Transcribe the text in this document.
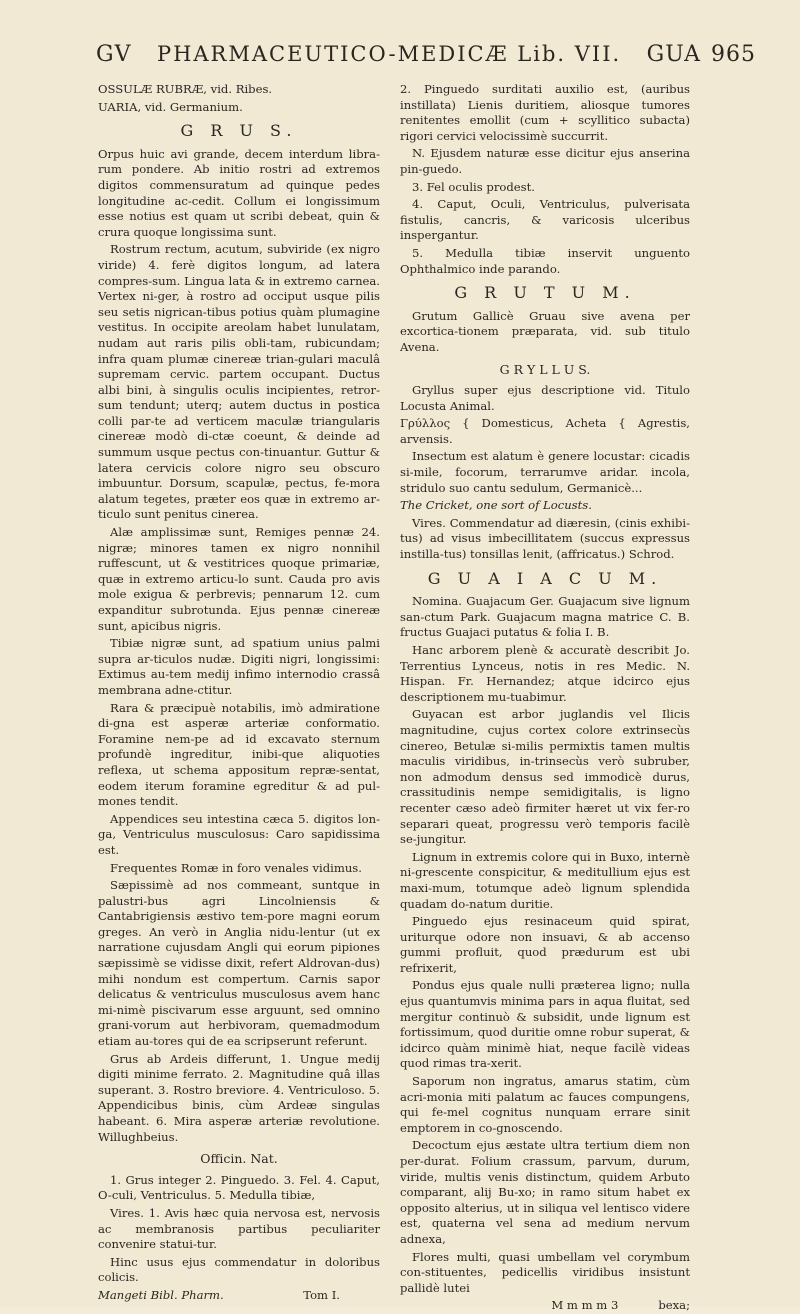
GV	PHARMACEUTICO-MEDICÆ Lib. VII.	GUA 965

OSSULÆ RUBRÆ, vid. Ribes.

UARIA, vid. Germanium.

G R U S.

Orpus huic avi grande, decem interdum libra-rum pondere. Ab initio rostri ad extremos digitos commensuratum ad quinque pedes longitudine ac-cedit. Collum ei longissimum esse notius est quam ut scribi debeat, quin & crura quoque longissima sunt.

Rostrum rectum, acutum, subviride (ex nigro viride) 4. ferè digitos longum, ad latera compres-sum. Lingua lata & in extremo carnea. Vertex ni-ger, à rostro ad occiput usque pilis seu setis nigrican-tibus potius quàm plumagine vestitus. In occipite areolam habet lunulatam, nudam aut raris pilis obli-tam, rubicundam; infra quam plumæ cinereæ trian-gulari maculâ supremam cervic. partem occupant. Ductus albi bini, à singulis oculis incipientes, retror-sum tendunt; uterq; autem ductus in postica colli par-te ad verticem maculæ triangularis cinereæ modò di-ctæ coeunt, & deinde ad summum usque pectus con-tinuantur. Guttur & latera cervicis colore nigro seu obscuro imbuuntur. Dorsum, scapulæ, pectus, fe-mora alatum tegetes, præter eos quæ in extremo ar-ticulo sunt penitus cinerea.

Alæ amplissimæ sunt, Remiges pennæ 24. nigræ; minores tamen ex nigro nonnihil ruffescunt, ut & vestitrices quoque primariæ, quæ in extremo articu-lo sunt. Cauda pro avis mole exigua & perbrevis; pennarum 12. cum expanditur subrotunda. Ejus pennæ cinereæ sunt, apicibus nigris.

Tibiæ nigræ sunt, ad spatium unius palmi supra ar-ticulos nudæ. Digiti nigri, longissimi: Extimus au-tem medij infimo internodio crassâ membrana adne-ctitur.

Rara & præcipuè notabilis, imò admiratione di-gna est asperæ arteriæ conformatio. Foramine nem-pe ad id excavato sternum profundè ingreditur, inibi-que aliquoties reflexa, ut schema appositum repræ-sentat, eodem iterum foramine egreditur & ad pul-mones tendit.

Appendices seu intestina cæca 5. digitos lon-ga, Ventriculus musculosus: Caro sapidissima est.

Frequentes Romæ in foro venales vidimus.

Sæpissimè ad nos commeant, suntque in palustri-bus agri Lincolniensis & Cantabrigiensis æstivo tem-pore magni eorum greges. An verò in Anglia nidu-lentur (ut ex narratione cujusdam Angli qui eorum pipiones sæpissimè se vidisse dixit, refert Aldrovan-dus) mihi nondum est compertum. Carnis sapor delicatus & ventriculus musculosus avem hanc mi-nimè piscivarum esse arguunt, sed omnino grani-vorum aut herbivoram, quemadmodum etiam au-tores qui de ea scripserunt referunt.

Grus ab Ardeis differunt, 1. Ungue medij digiti minime ferrato. 2. Magnitudine quâ illas superant. 3. Rostro breviore. 4. Ventriculoso. 5. Appendicibus binis, cùm Ardeæ singulas habeant. 6. Mira asperæ arteriæ revolutione. Willughbeius.

Officin. Nat.

1. Grus integer 2. Pinguedo. 3. Fel. 4. Caput, O-culi, Ventriculus. 5. Medulla tibiæ,

Vires. 1. Avis hæc quia nervosa est, nervosis ac membranosis partibus peculiariter convenire statui-tur.

Hinc usus ejus commendatur in doloribus colicis.

Mangeti Bibl. Pharm.	Tom I.

2. Pinguedo surditati auxilio est, (auribus instillata) Lienis duritiem, aliosque tumores renitentes emollit (cum + scyllitico subacta) rigori cervici velocissimè succurrit.

N. Ejusdem naturæ esse dicitur ejus anserina pin-guedo.

3. Fel oculis prodest.

4. Caput, Oculi, Ventriculus, pulverisata fistulis, cancris, & varicosis ulceribus inspergantur.

5. Medulla tibiæ inservit unguento Ophthalmico inde parando.

G R U T U M.

Grutum Gallicè Gruau sive avena per excortica-tionem præparata, vid. sub titulo Avena.

G R Y L L U S.

Gryllus super ejus descriptione vid. Titulo Locusta Animal.

Γρύλλος { Domesticus, Acheta { Agrestis, arvensis.

Insectum est alatum è genere locustar: cicadis si-mile, focorum, terrarumve aridar. incola, stridulo suo cantu sedulum, Germanicè...

The Cricket, one sort of Locusts.

Vires. Commendatur ad diæresin, (cinis exhibi-tus) ad visus imbecillitatem (succus expressus instilla-tus) tonsillas lenit, (affricatus.) Schrod.

G U A I A C U M.

Nomina. Guajacum Ger. Guajacum sive lignum san-ctum Park. Guajacum magna matrice C. B. fructus Guajaci putatus & folia I. B.

Hanc arborem plenè & accuratè describit Jo. Terrentius Lynceus, notis in res Medic. N. Hispan. Fr. Hernandez; atque idcirco ejus descriptionem mu-tuabimur.

Guyacan est arbor juglandis vel Ilicis magnitudine, cujus cortex colore extrinsecùs cinereo, Betulæ si-milis permixtis tamen multis maculis viridibus, in-trinsecùs verò subruber, non admodum densus sed immodicè durus, crassitudinis nempe semidigitalis, is ligno recenter cæso adeò firmiter hæret ut vix fer-ro separari queat, progressu verò temporis facilè se-jungitur.

Lignum in extremis colore qui in Buxo, internè ni-grescente conspicitur, & meditullium ejus est maxi-mum, totumque adeò lignum splendida quadam do-natum duritie.

Pinguedo ejus resinaceum quid spirat, uriturque odore non insuavi, & ab accenso gummi profluit, quod prædurum est ubi refrixerit,

Pondus ejus quale nulli præterea ligno; nulla ejus quantumvis minima pars in aqua fluitat, sed mergitur continuò & subsidit, unde lignum est fortissimum, quod duritie omne robur superat, & idcirco quàm minimè hiat, neque facilè videas quod rimas tra-xerit.

Saporum non ingratus, amarus statim, cùm acri-monia miti palatum ac fauces compungens, qui fe-mel cognitus nunquam errare sinit emptorem in co-gnoscendo.

Decoctum ejus æstate ultra tertium diem non per-durat. Folium crassum, parvum, durum, viride, multis venis distinctum, quidem Arbuto comparant, alij Bu-xo; in ramo situm habet ex opposito alterius, ut in siliqua vel lentisco videre est, quaterna vel sena ad medium nervum adnexa,

Flores multi, quasi umbellam vel corymbum con-stituentes, pedicellis viridibus insistunt pallidè lutei

M m m m 3	bexa;
